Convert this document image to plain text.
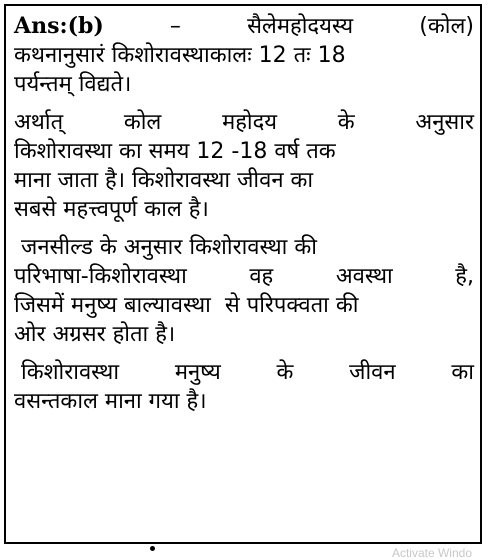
Ans:(b)	–	सैलेमहोदयस्य	(कोल)
कथनानुसारं किशोरावस्थाकालः 12 तः 18
पर्यन्तम् विद्यते।
अर्थात्	कोल	महोदय	के	अनुसार
किशोरावस्था का समय 12 -18 वर्ष तक
माना जाता है। किशोरावस्था जीवन का
सबसे महत्त्वपूर्ण काल है।
जनसील्ड के अनुसार किशोरावस्था की
परिभाषा-किशोरावस्था	वह	अवस्था	है,
जिसमें मनुष्य बाल्यावस्था  से परिपक्वता की
ओर अग्रसर होता है।
किशोरावस्था	मनुष्य	के	जीवन	का
वसन्तकाल माना गया है।
Activate Windo
